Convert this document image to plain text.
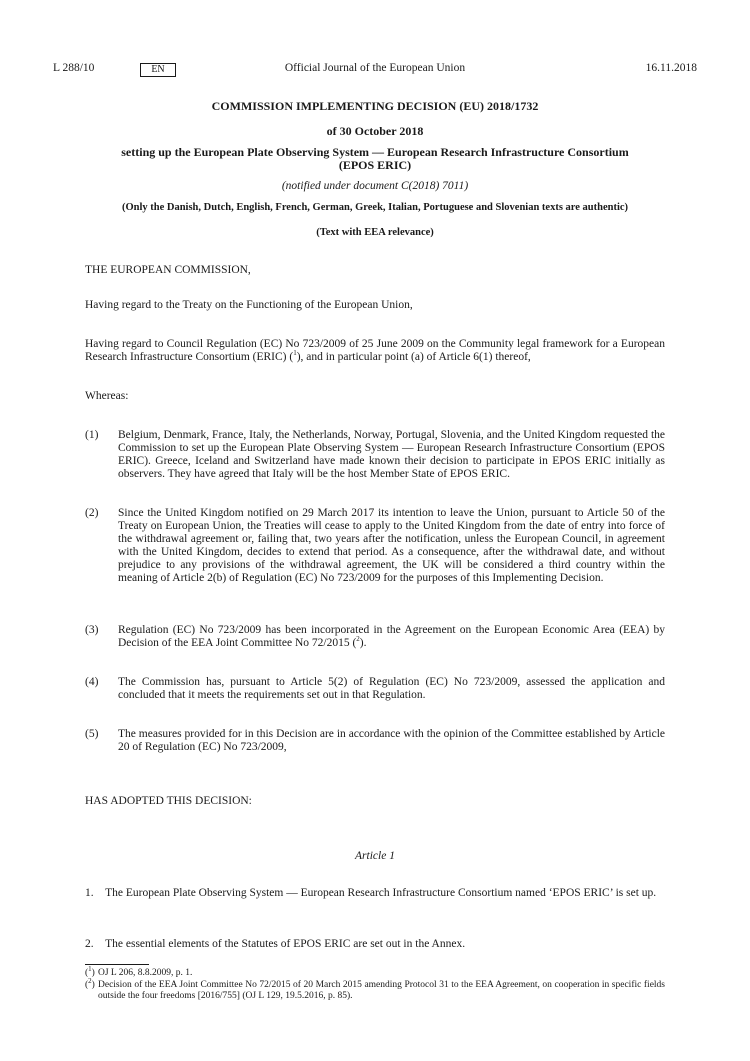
L 288/10	EN	Official Journal of the European Union	16.11.2018
COMMISSION IMPLEMENTING DECISION (EU) 2018/1732
of 30 October 2018
setting up the European Plate Observing System — European Research Infrastructure Consortium
(EPOS ERIC)
(notified under document C(2018) 7011)
(Only the Danish, Dutch, English, French, German, Greek, Italian, Portuguese and Slovenian texts are authentic)
(Text with EEA relevance)
THE EUROPEAN COMMISSION,
Having regard to the Treaty on the Functioning of the European Union,
Having regard to Council Regulation (EC) No 723/2009 of 25 June 2009 on the Community legal framework for a European Research Infrastructure Consortium (ERIC) ($^1$), and in particular point (a) of Article 6(1) thereof,
Whereas:
(1) Belgium, Denmark, France, Italy, the Netherlands, Norway, Portugal, Slovenia, and the United Kingdom requested the Commission to set up the European Plate Observing System — European Research Infrastructure Consortium (EPOS ERIC). Greece, Iceland and Switzerland have made known their decision to participate in EPOS ERIC initially as observers. They have agreed that Italy will be the host Member State of EPOS ERIC.
(2) Since the United Kingdom notified on 29 March 2017 its intention to leave the Union, pursuant to Article 50 of the Treaty on European Union, the Treaties will cease to apply to the United Kingdom from the date of entry into force of the withdrawal agreement or, failing that, two years after the notification, unless the European Council, in agreement with the United Kingdom, decides to extend that period. As a consequence, after the withdrawal date, and without prejudice to any provisions of the withdrawal agreement, the UK will be considered a third country within the meaning of Article 2(b) of Regulation (EC) No 723/2009 for the purposes of this Implementing Decision.
(3) Regulation (EC) No 723/2009 has been incorporated in the Agreement on the European Economic Area (EEA) by Decision of the EEA Joint Committee No 72/2015 ($^2$).
(4) The Commission has, pursuant to Article 5(2) of Regulation (EC) No 723/2009, assessed the application and concluded that it meets the requirements set out in that Regulation.
(5) The measures provided for in this Decision are in accordance with the opinion of the Committee established by Article 20 of Regulation (EC) No 723/2009,
HAS ADOPTED THIS DECISION:
Article 1
1. The European Plate Observing System — European Research Infrastructure Consortium named ‘EPOS ERIC’ is set up.
2. The essential elements of the Statutes of EPOS ERIC are set out in the Annex.
($^1$) OJ L 206, 8.8.2009, p. 1.
($^2$) Decision of the EEA Joint Committee No 72/2015 of 20 March 2015 amending Protocol 31 to the EEA Agreement, on cooperation in specific fields outside the four freedoms [2016/755] (OJ L 129, 19.5.2016, p. 85).
